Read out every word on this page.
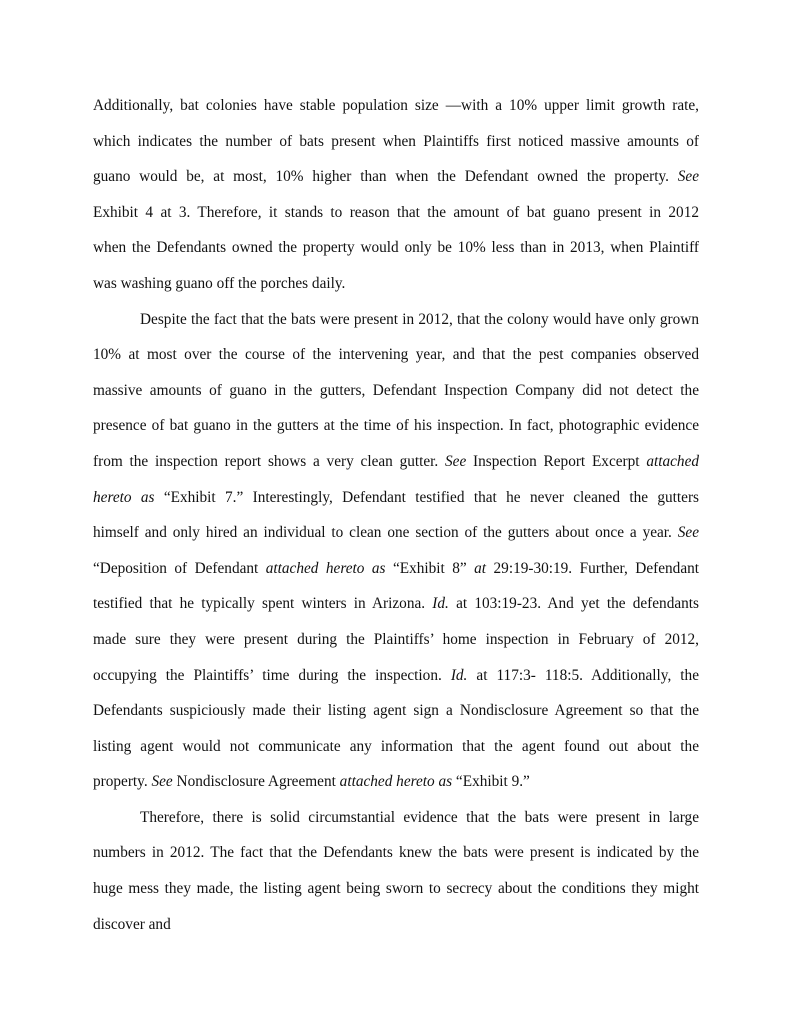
Additionally, bat colonies have stable population size —with a 10% upper limit growth rate,
which indicates the number of bats present when Plaintiffs first noticed massive amounts of
guano would be, at most, 10% higher than when the Defendant owned the property. See
Exhibit 4 at 3. Therefore, it stands to reason that the amount of bat guano present in 2012
when the Defendants owned the property would only be 10% less than in 2013, when Plaintiff
was washing guano off the porches daily.
Despite the fact that the bats were present in 2012, that the colony would have only grown
10% at most over the course of the intervening year, and that the pest companies observed
massive amounts of guano in the gutters, Defendant Inspection Company did not detect the
presence of bat guano in the gutters at the time of his inspection. In fact, photographic evidence
from the inspection report shows a very clean gutter. See Inspection Report Excerpt attached
hereto as “Exhibit 7.” Interestingly, Defendant testified that he never cleaned the gutters
himself and only hired an individual to clean one section of the gutters about once a year. See
“Deposition of Defendant attached hereto as “Exhibit 8” at 29:19-30:19. Further, Defendant
testified that he typically spent winters in Arizona. Id. at 103:19-23. And yet the defendants
made sure they were present during the Plaintiffs’ home inspection in February of 2012,
occupying the Plaintiffs’ time during the inspection. Id. at 117:3- 118:5. Additionally, the
Defendants suspiciously made their listing agent sign a Nondisclosure Agreement so that the
listing agent would not communicate any information that the agent found out about the
property. See Nondisclosure Agreement attached hereto as “Exhibit 9.”
Therefore, there is solid circumstantial evidence that the bats were present in large
numbers in 2012. The fact that the Defendants knew the bats were present is indicated by the
huge mess they made, the listing agent being sworn to secrecy about the conditions they might
discover and
